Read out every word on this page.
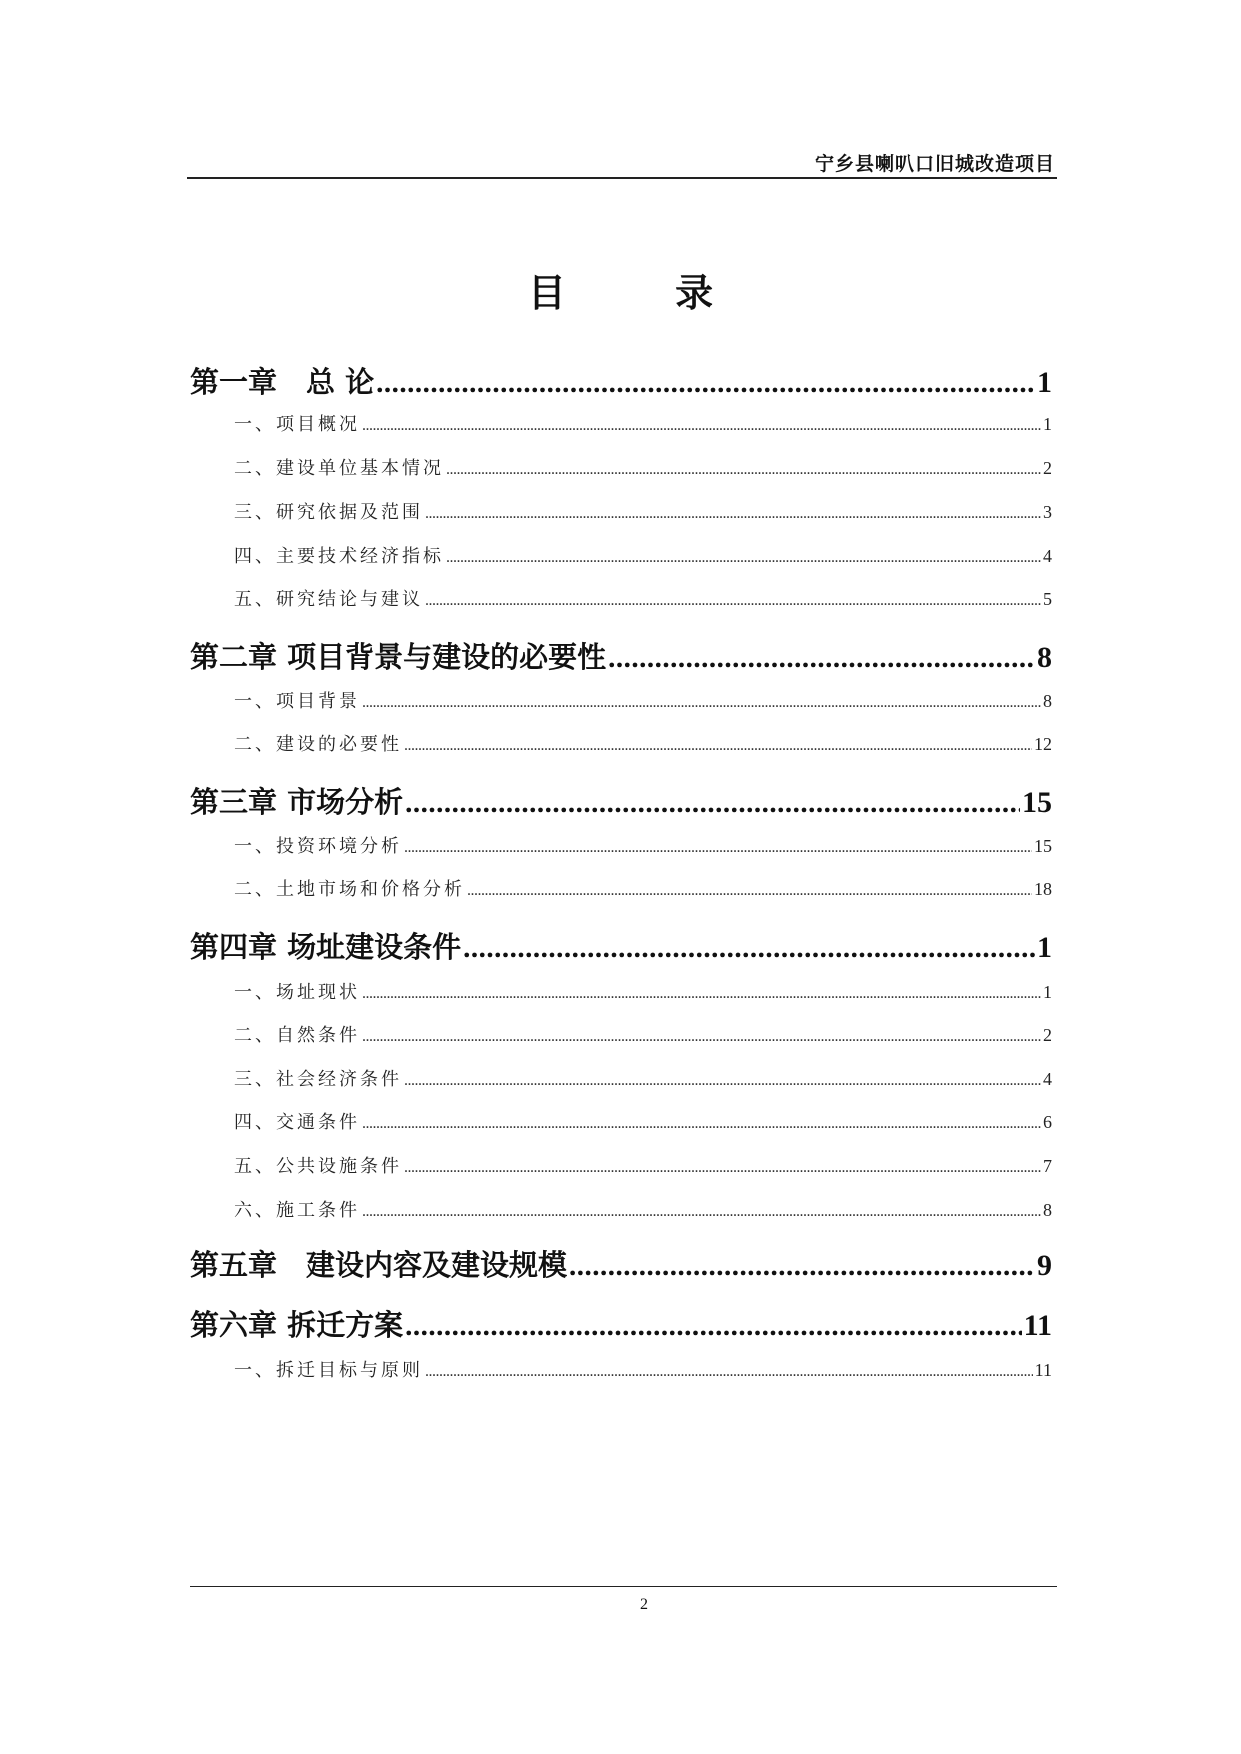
宁乡县喇叭口旧城改造项目
目 录
第一章　总 论 .....	1
一、项目概况 .....	1
二、建设单位基本情况 .....	2
三、研究依据及范围 .....	3
四、主要技术经济指标 .....	4
五、研究结论与建议 .....	5
第二章 项目背景与建设的必要性 .....	8
一、项目背景 .....	8
二、建设的必要性 .....	12
第三章 市场分析 .....	15
一、投资环境分析 .....	15
二、土地市场和价格分析 .....	18
第四章 场址建设条件 .....	1
一、场址现状 .....	1
二、自然条件 .....	2
三、社会经济条件 .....	4
四、交通条件 .....	6
五、公共设施条件 .....	7
六、施工条件 .....	8
第五章　建设内容及建设规模 .....	9
第六章 拆迁方案 .....	11
一、拆迁目标与原则 .....	11
2
